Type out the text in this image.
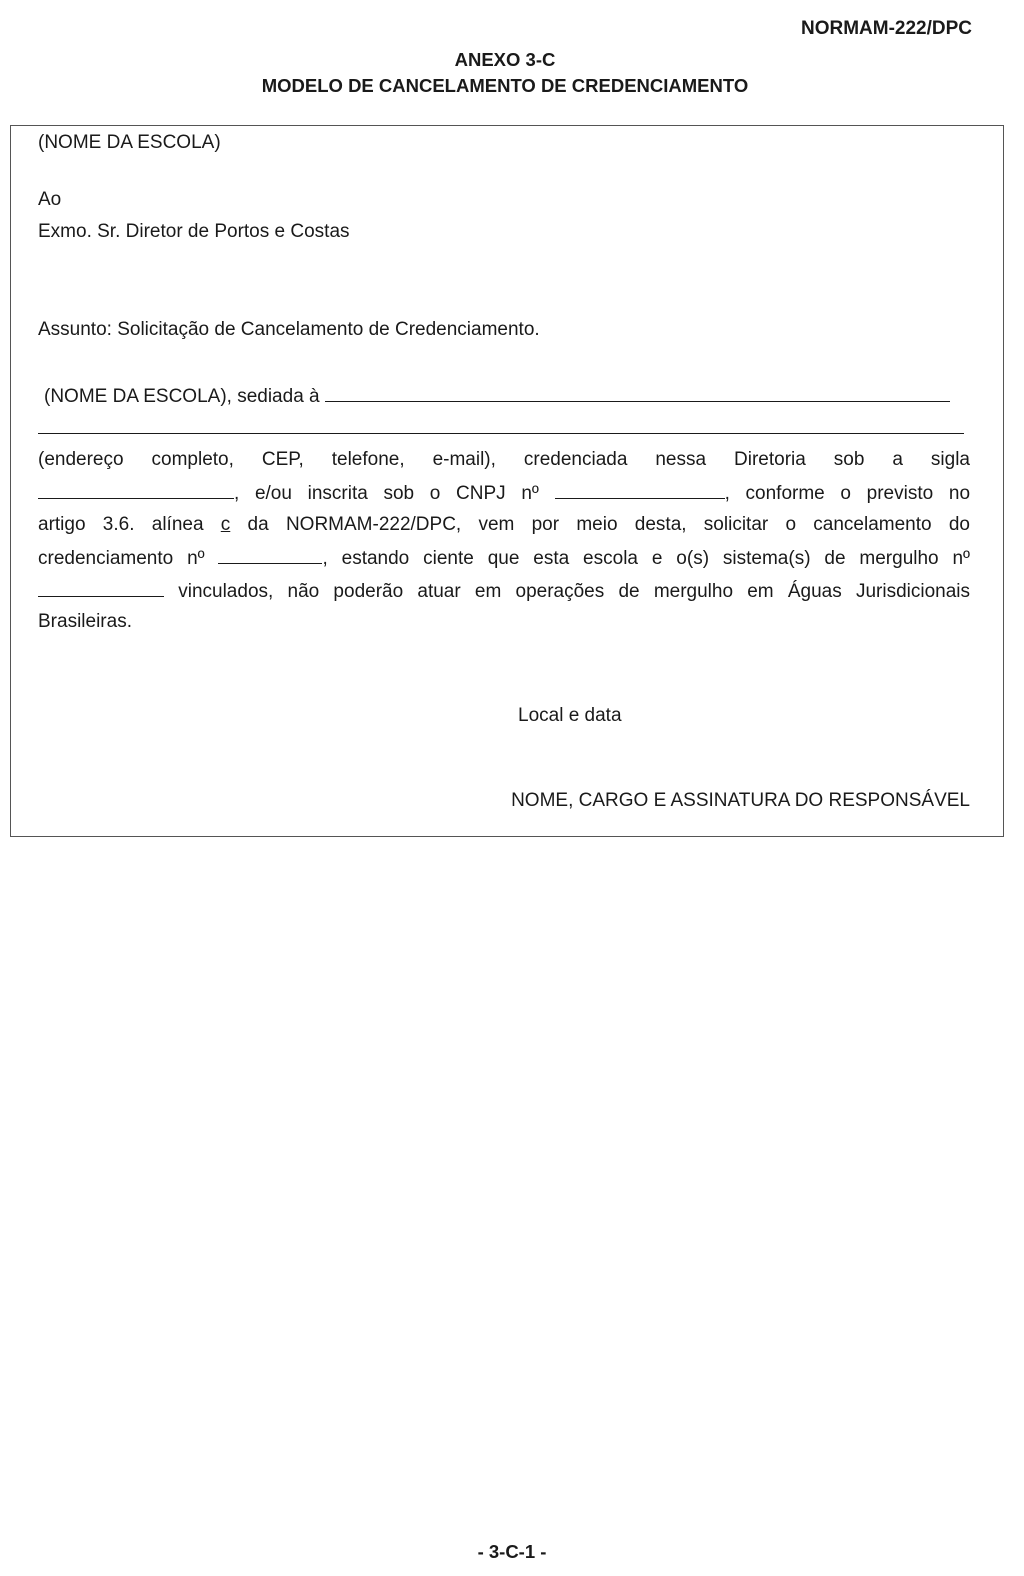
NORMAM-222/DPC
ANEXO 3-C
MODELO DE CANCELAMENTO DE CREDENCIAMENTO
(NOME DA ESCOLA)
Ao
Exmo. Sr. Diretor de Portos e Costas
Assunto: Solicitação de Cancelamento de Credenciamento.
(NOME DA ESCOLA), sediada à
(endereço completo, CEP, telefone, e-mail), credenciada nessa Diretoria sob a sigla
, e/ou inscrita sob o CNPJ nº	, conforme o previsto no
artigo 3.6. alínea c da NORMAM-222/DPC, vem por meio desta, solicitar o cancelamento do
credenciamento nº	, estando ciente que esta escola e o(s) sistema(s) de mergulho nº
vinculados, não poderão atuar em operações de mergulho em Águas Jurisdicionais
Brasileiras.
Local e data
NOME, CARGO E ASSINATURA DO RESPONSÁVEL
- 3-C-1 -
